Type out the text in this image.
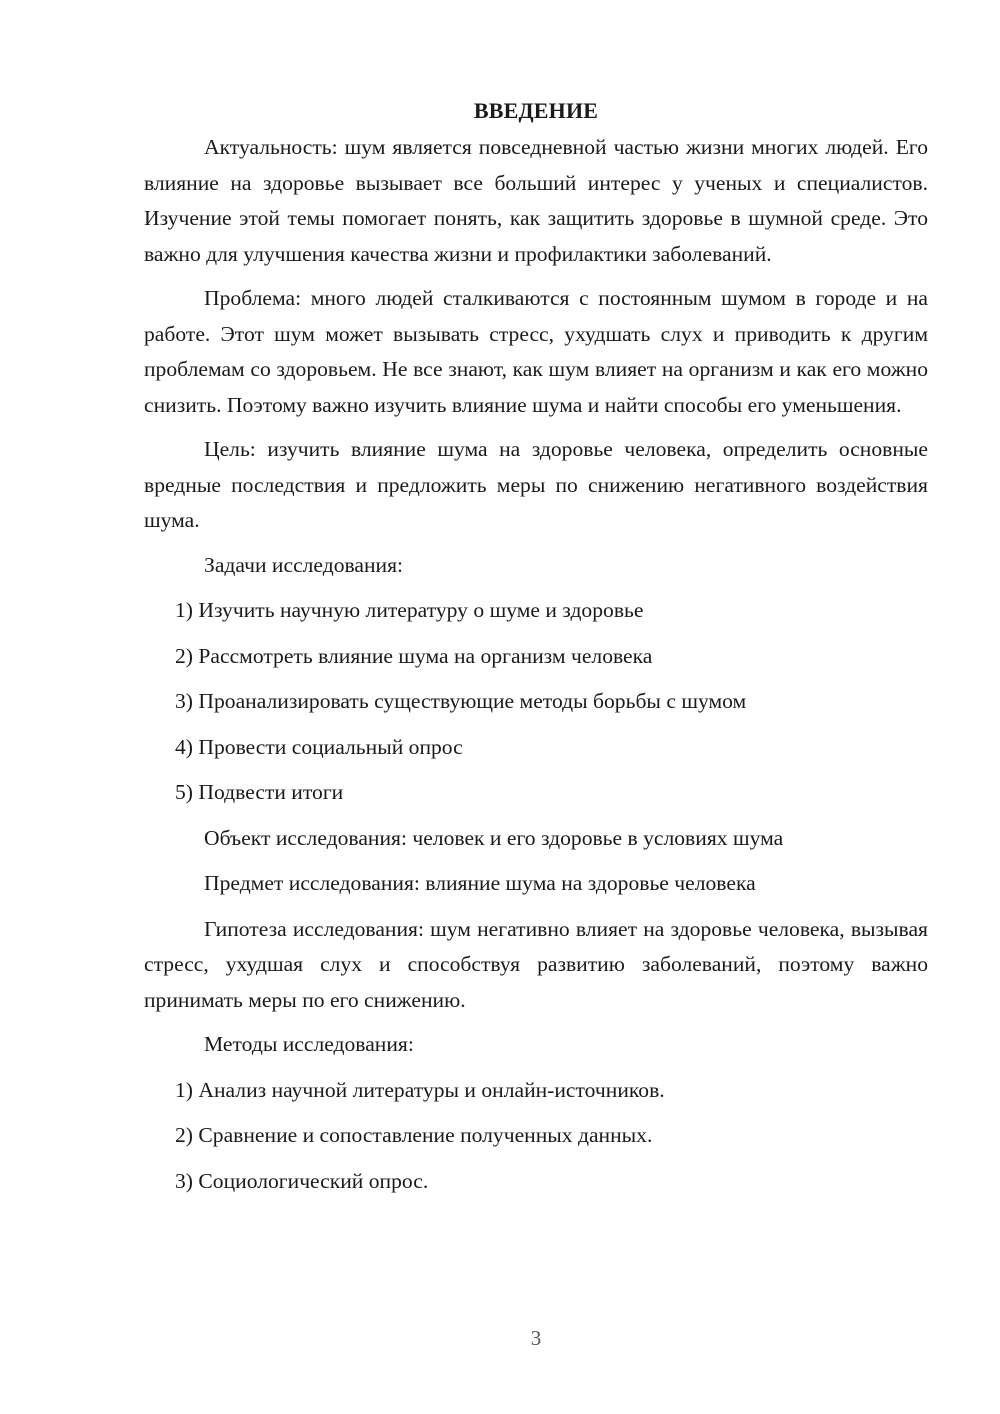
ВВЕДЕНИЕ

Актуальность: шум является повседневной частью жизни многих людей. Его влияние на здоровье вызывает все больший интерес у ученых и специалистов. Изучение этой темы помогает понять, как защитить здоровье в шумной среде. Это важно для улучшения качества жизни и профилактики заболеваний.

Проблема: много людей сталкиваются с постоянным шумом в городе и на работе. Этот шум может вызывать стресс, ухудшать слух и приводить к другим проблемам со здоровьем. Не все знают, как шум влияет на организм и как его можно снизить. Поэтому важно изучить влияние шума и найти способы его уменьшения.

Цель: изучить влияние шума на здоровье человека, определить основные вредные последствия и предложить меры по снижению негативного воздействия шума.

Задачи исследования:

1) Изучить научную литературу о шуме и здоровье
2) Рассмотреть влияние шума на организм человека
3) Проанализировать существующие методы борьбы с шумом
4) Провести социальный опрос
5) Подвести итоги

Объект исследования: человек и его здоровье в условиях шума

Предмет исследования: влияние шума на здоровье человека

Гипотеза исследования: шум негативно влияет на здоровье человека, вызывая стресс, ухудшая слух и способствуя развитию заболеваний, поэтому важно принимать меры по его снижению.

Методы исследования:

1) Анализ научной литературы и онлайн-источников.
2) Сравнение и сопоставление полученных данных.
3) Социологический опрос.
3
